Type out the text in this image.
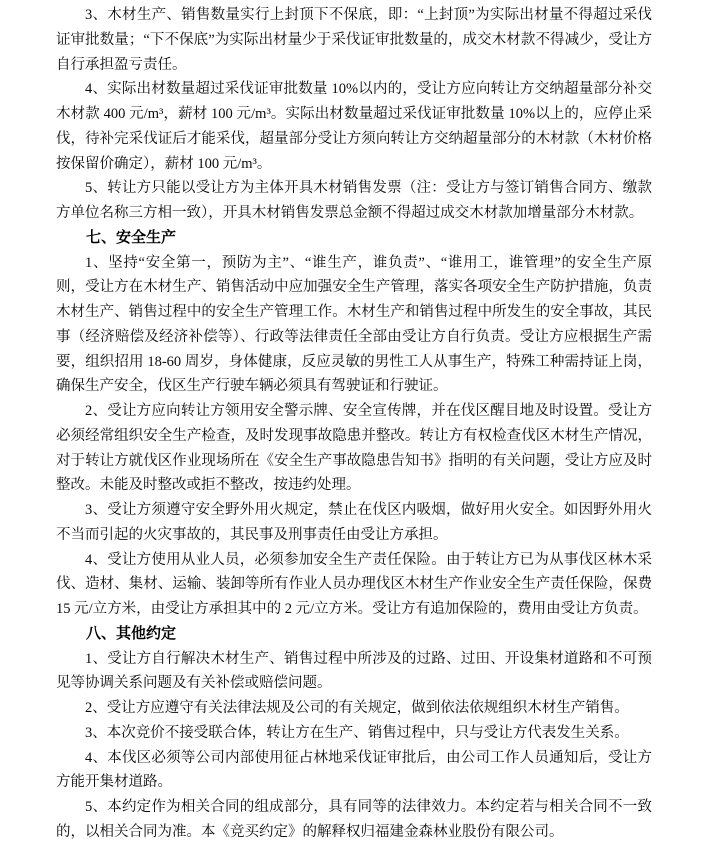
3、木材生产、销售数量实行上封顶下不保底，即：“上封顶”为实际出材量不得超过采伐证审批数量；“下不保底”为实际出材量少于采伐证审批数量的，成交木材款不得减少，受让方自行承担盈亏责任。

4、实际出材数量超过采伐证审批数量 10%以内的，受让方应向转让方交纳超量部分补交木材款 400 元/m³，薪材 100 元/m³。实际出材数量超过采伐证审批数量 10%以上的，应停止采伐，待补完采伐证后才能采伐，超量部分受让方须向转让方交纳超量部分的木材款（木材价格按保留价确定），薪材 100 元/m³。

5、转让方只能以受让方为主体开具木材销售发票（注：受让方与签订销售合同方、缴款方单位名称三方相一致），开具木材销售发票总金额不得超过成交木材款加增量部分木材款。

七、安全生产

1、坚持“安全第一，预防为主”、“谁生产，谁负责”、“谁用工，谁管理”的安全生产原则，受让方在木材生产、销售活动中应加强安全生产管理，落实各项安全生产防护措施，负责木材生产、销售过程中的安全生产管理工作。木材生产和销售过程中所发生的安全事故，其民事（经济赔偿及经济补偿等）、行政等法律责任全部由受让方自行负责。受让方应根据生产需要，组织招用 18-60 周岁，身体健康，反应灵敏的男性工人从事生产，特殊工种需持证上岗，确保生产安全，伐区生产行驶车辆必须具有驾驶证和行驶证。

2、受让方应向转让方领用安全警示牌、安全宣传牌，并在伐区醒目地及时设置。受让方必须经常组织安全生产检查，及时发现事故隐患并整改。转让方有权检查伐区木材生产情况，对于转让方就伐区作业现场所在《安全生产事故隐患告知书》指明的有关问题，受让方应及时整改。未能及时整改或拒不整改，按违约处理。

3、受让方须遵守安全野外用火规定，禁止在伐区内吸烟，做好用火安全。如因野外用火不当而引起的火灾事故的，其民事及刑事责任由受让方承担。

4、受让方使用从业人员，必须参加安全生产责任保险。由于转让方已为从事伐区林木采伐、造材、集材、运输、装卸等所有作业人员办理伐区木材生产作业安全生产责任保险，保费 15 元/立方米，由受让方承担其中的 2 元/立方米。受让方有追加保险的，费用由受让方负责。

八、其他约定

1、受让方自行解决木材生产、销售过程中所涉及的过路、过田、开设集材道路和不可预见等协调关系问题及有关补偿或赔偿问题。

2、受让方应遵守有关法律法规及公司的有关规定，做到依法依规组织木材生产销售。

3、本次竞价不接受联合体，转让方在生产、销售过程中，只与受让方代表发生关系。

4、本伐区必须等公司内部使用征占林地采伐证审批后，由公司工作人员通知后，受让方方能开集材道路。

5、本约定作为相关合同的组成部分，具有同等的法律效力。本约定若与相关合同不一致的，以相关合同为准。本《竞买约定》的解释权归福建金森林业股份有限公司。
